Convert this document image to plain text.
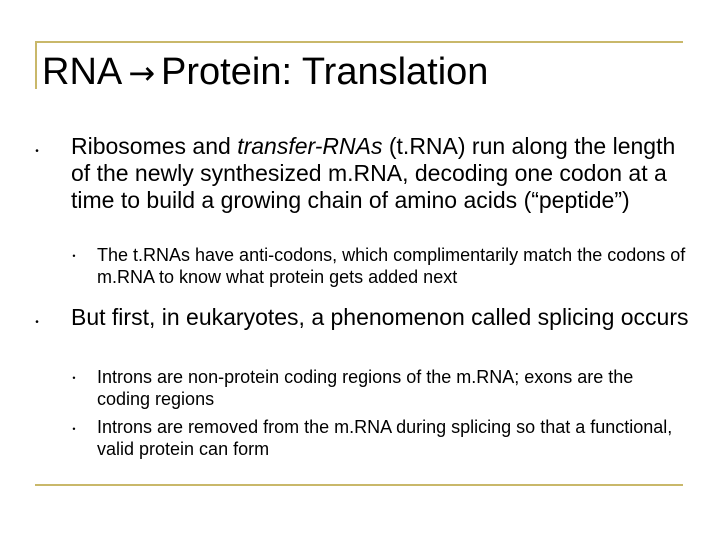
RNA → Protein: Translation
• Ribosomes and transfer-RNAs (t.RNA) run along the length of the newly synthesized m.RNA, decoding one codon at a time to build a growing chain of amino acids (“peptide”)
• The t.RNAs have anti-codons, which complimentarily match the codons of m.RNA to know what protein gets added next
• But first, in eukaryotes, a phenomenon called splicing occurs
• Introns are non-protein coding regions of the m.RNA; exons are the coding regions
• Introns are removed from the m.RNA during splicing so that a functional, valid protein can form
